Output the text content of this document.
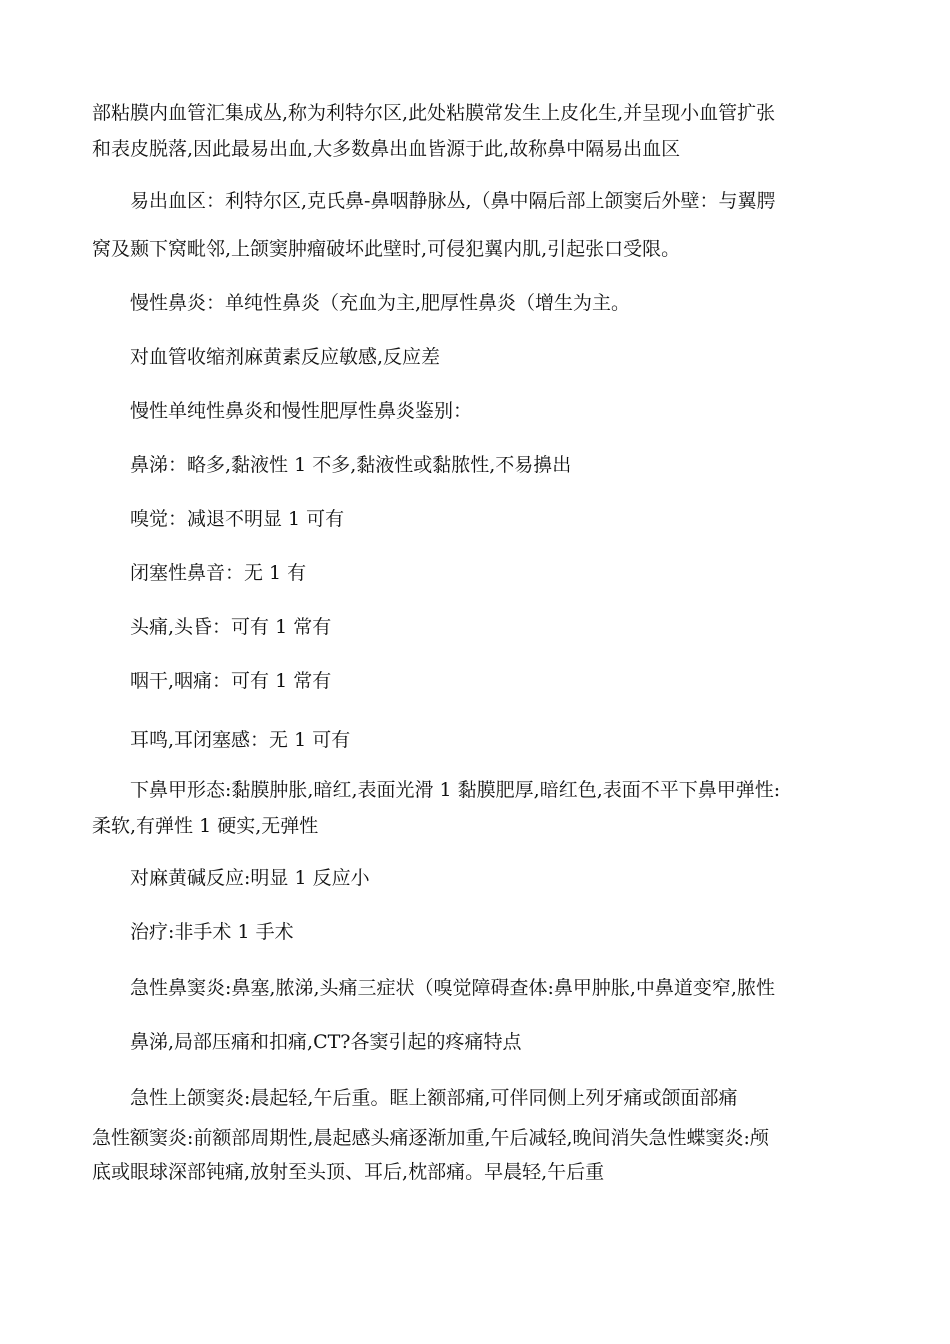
部粘膜内血管汇集成丛,称为利特尔区,此处粘膜常发生上皮化生,并呈现小血管扩张
和表皮脱落,因此最易出血,大多数鼻出血皆源于此,故称鼻中隔易出血区
易出血区：利特尔区,克氏鼻-鼻咽静脉丛,（鼻中隔后部上颌窦后外壁：与翼腭
窝及颞下窝毗邻,上颌窦肿瘤破坏此壁时,可侵犯翼内肌,引起张口受限。
慢性鼻炎：单纯性鼻炎（充血为主,肥厚性鼻炎（增生为主。
对血管收缩剂麻黄素反应敏感,反应差
慢性单纯性鼻炎和慢性肥厚性鼻炎鉴别：
鼻涕：略多,黏液性 1 不多,黏液性或黏脓性,不易擤出
嗅觉：减退不明显 1 可有
闭塞性鼻音：无 1 有
头痛,头昏：可有 1 常有
咽干,咽痛：可有 1 常有
耳鸣,耳闭塞感：无 1 可有
下鼻甲形态:黏膜肿胀,暗红,表面光滑 1 黏膜肥厚,暗红色,表面不平下鼻甲弹性:
柔软,有弹性 1 硬实,无弹性
对麻黄碱反应:明显 1 反应小
治疗:非手术 1 手术
急性鼻窦炎:鼻塞,脓涕,头痛三症状（嗅觉障碍查体:鼻甲肿胀,中鼻道变窄,脓性
鼻涕,局部压痛和扣痛,CT?各窦引起的疼痛特点
急性上颌窦炎:晨起轻,午后重。眶上额部痛,可伴同侧上列牙痛或颌面部痛
急性额窦炎:前额部周期性,晨起感头痛逐渐加重,午后减轻,晚间消失急性蝶窦炎:颅
底或眼球深部钝痛,放射至头顶、耳后,枕部痛。早晨轻,午后重
